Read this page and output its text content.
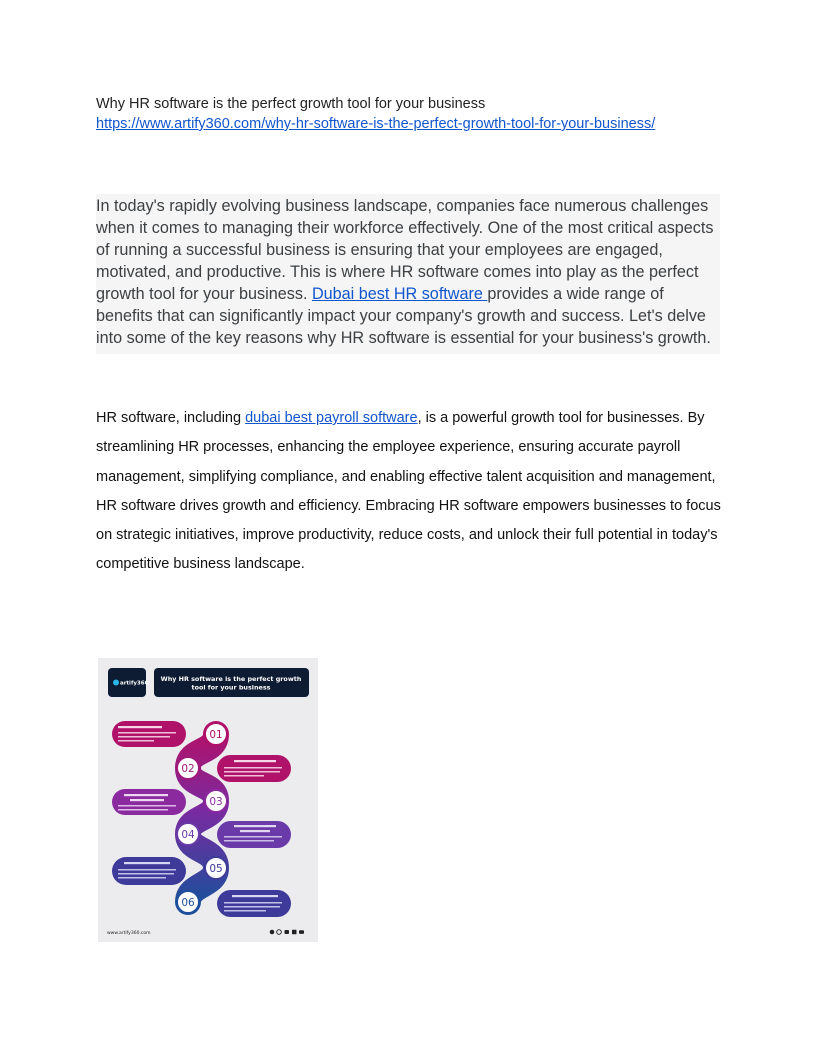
Why HR software is the perfect growth tool for your business
https://www.artify360.com/why-hr-software-is-the-perfect-growth-tool-for-your-business/
In today's rapidly evolving business landscape, companies face numerous challenges when it comes to managing their workforce effectively. One of the most critical aspects of running a successful business is ensuring that your employees are engaged, motivated, and productive. This is where HR software comes into play as the perfect growth tool for your business. Dubai best HR software provides a wide range of benefits that can significantly impact your company's growth and success. Let's delve into some of the key reasons why HR software is essential for your business's growth.
HR software, including dubai best payroll software, is a powerful growth tool for businesses. By streamlining HR processes, enhancing the employee experience, ensuring accurate payroll management, simplifying compliance, and enabling effective talent acquisition and management, HR software drives growth and efficiency. Embracing HR software empowers businesses to focus on strategic initiatives, improve productivity, reduce costs, and unlock their full potential in today's competitive business landscape.
artify360
Why HR software is the perfect growth
tool for your business
01
02
03
04
05
06
www.artify360.com
